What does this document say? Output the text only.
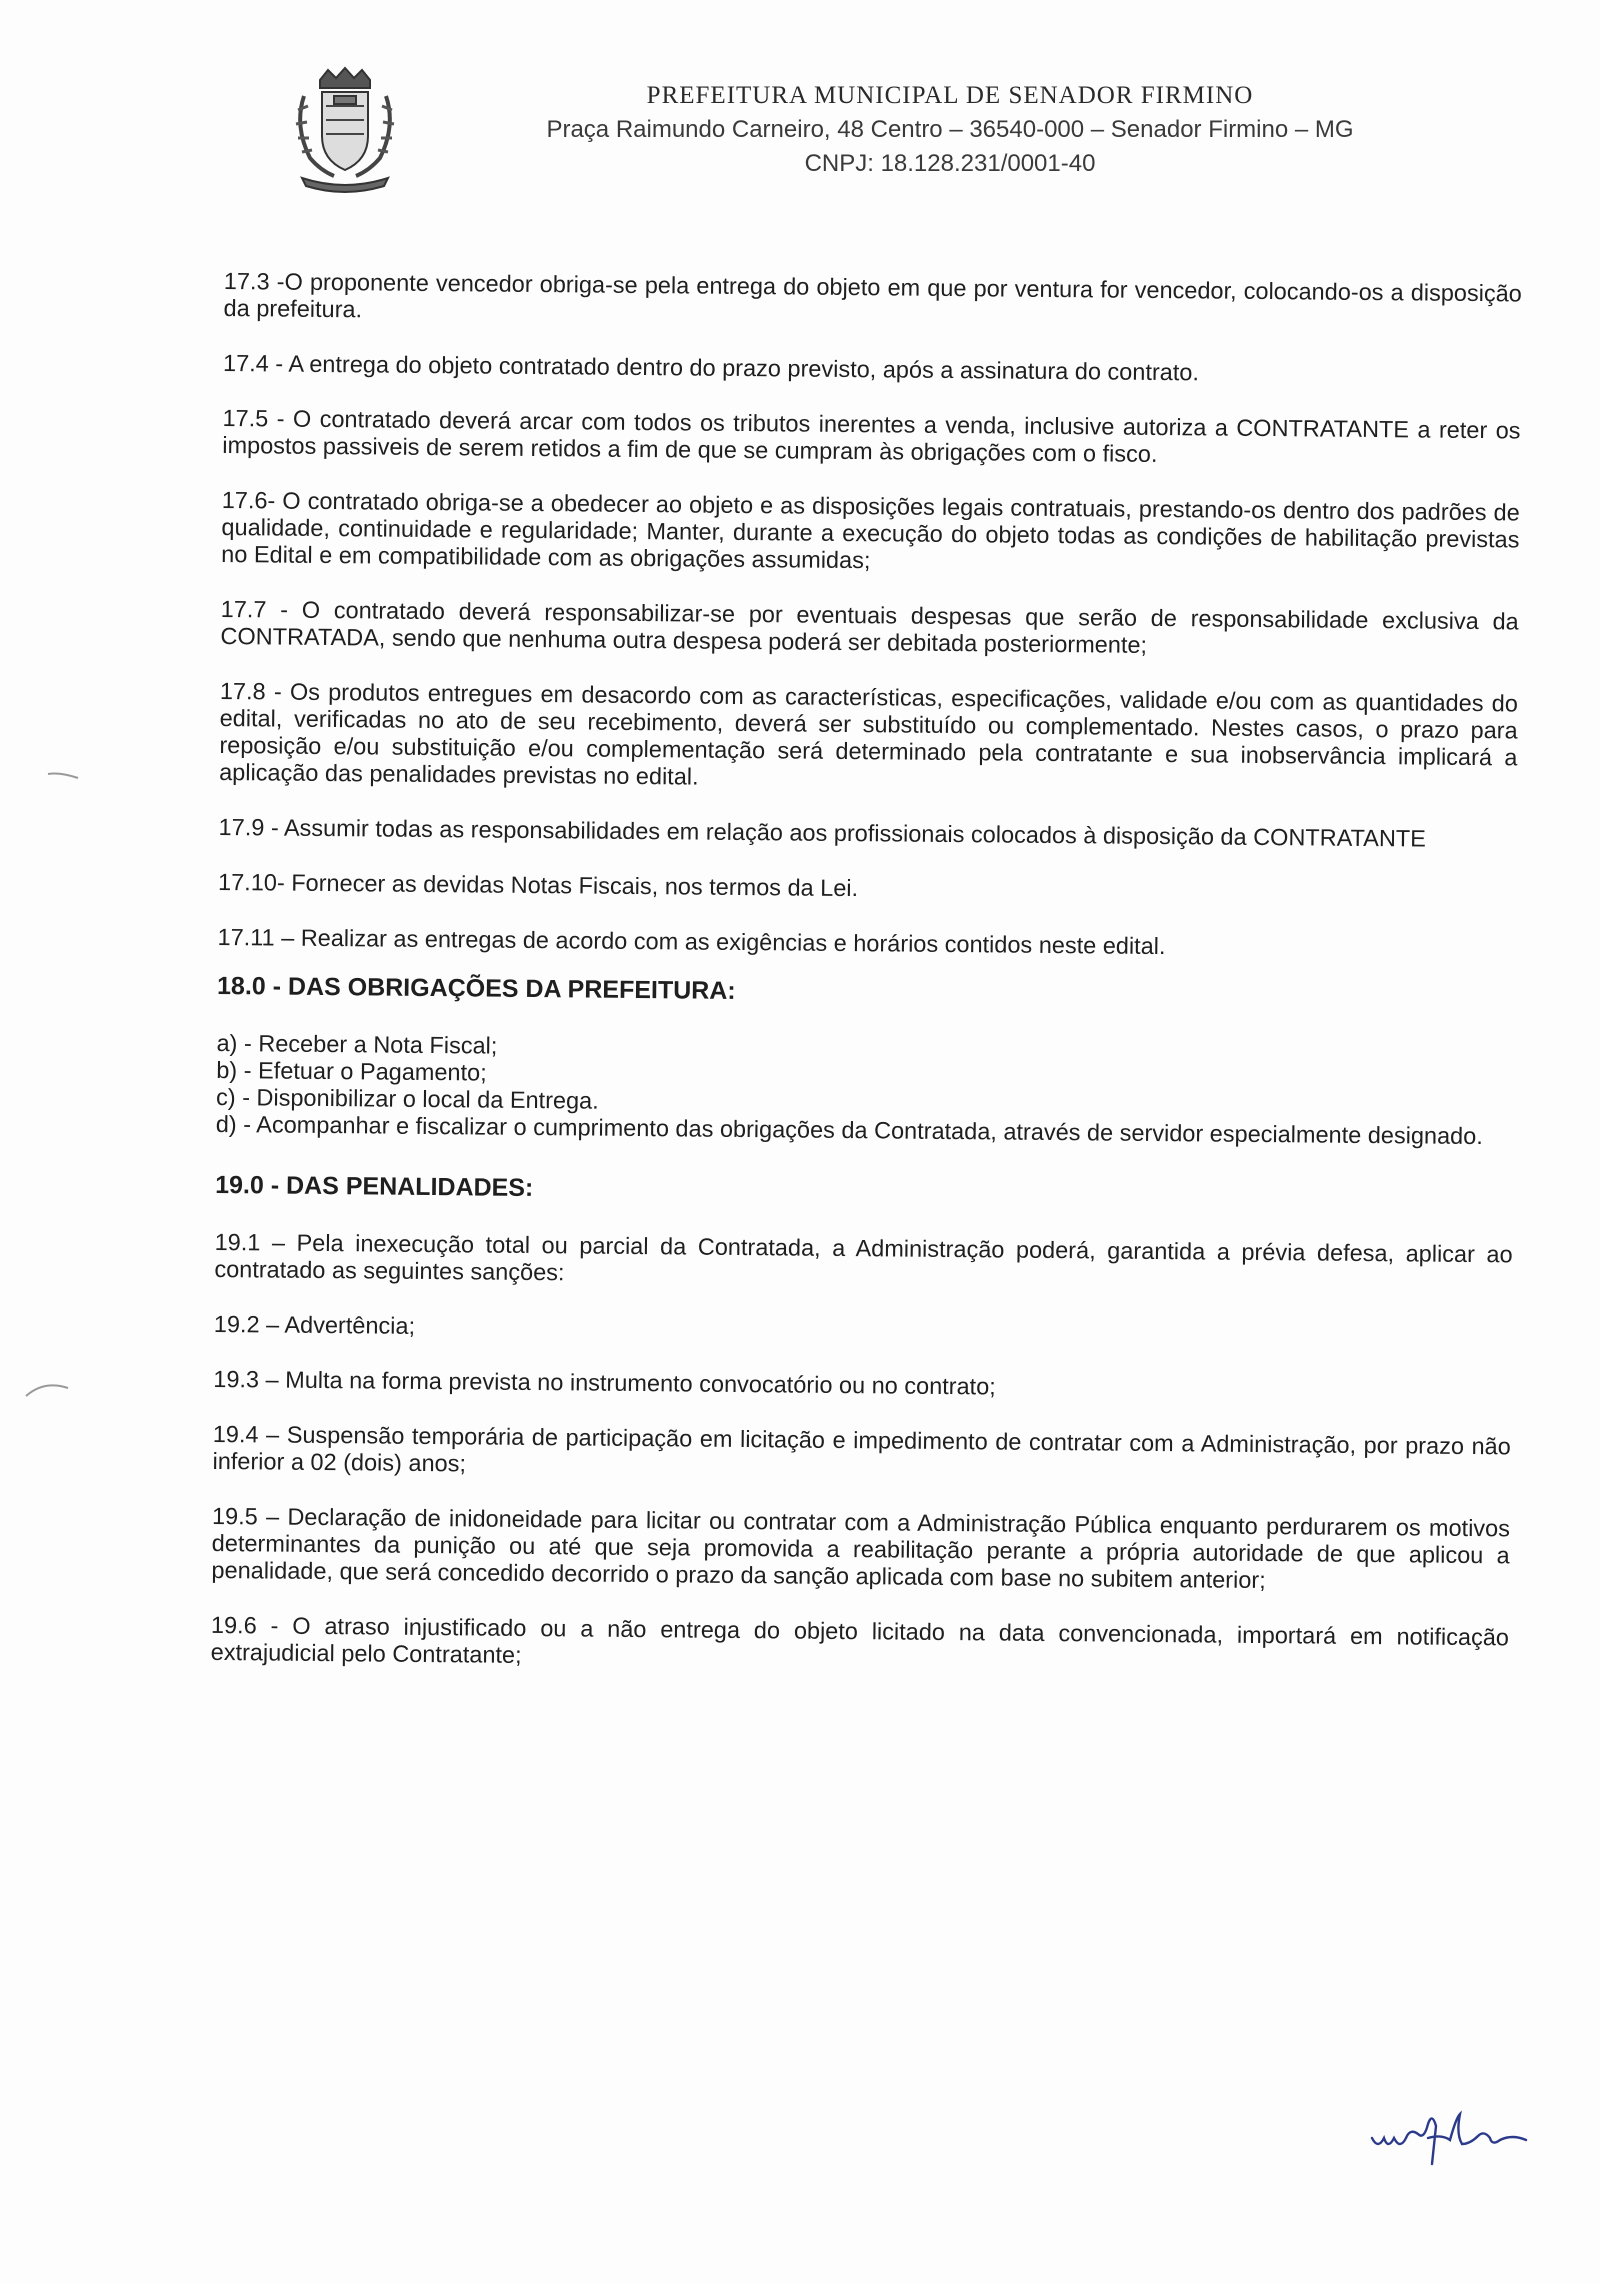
PREFEITURA MUNICIPAL DE SENADOR FIRMINO
Praça Raimundo Carneiro, 48 Centro – 36540-000 – Senador Firmino – MG
CNPJ: 18.128.231/0001-40

17.3 -O proponente vencedor obriga-se pela entrega do objeto em que por ventura for vencedor, colocando-os a disposição da prefeitura.

17.4 - A entrega do objeto contratado dentro do prazo previsto, após a assinatura do contrato.

17.5 - O contratado deverá arcar com todos os tributos inerentes a venda, inclusive autoriza a CONTRATANTE a reter os impostos passiveis de serem retidos a fim de que se cumpram às obrigações com o fisco.

17.6- O contratado obriga-se a obedecer ao objeto e as disposições legais contratuais, prestando-os dentro dos padrões de qualidade, continuidade e regularidade; Manter, durante a execução do objeto todas as condições de habilitação previstas no Edital e em compatibilidade com as obrigações assumidas;

17.7 - O contratado deverá responsabilizar-se por eventuais despesas que serão de responsabilidade exclusiva da CONTRATADA, sendo que nenhuma outra despesa poderá ser debitada posteriormente;

17.8 - Os produtos entregues em desacordo com as características, especificações, validade e/ou com as quantidades do edital, verificadas no ato de seu recebimento, deverá ser substituído ou complementado. Nestes casos, o prazo para reposição e/ou substituição e/ou complementação será determinado pela contratante e sua inobservância implicará a aplicação das penalidades previstas no edital.

17.9 - Assumir todas as responsabilidades em relação aos profissionais colocados à disposição da CONTRATANTE

17.10- Fornecer as devidas Notas Fiscais, nos termos da Lei.

17.11 – Realizar as entregas de acordo com as exigências e horários contidos neste edital.

18.0 - DAS OBRIGAÇÕES DA PREFEITURA:
a) - Receber a Nota Fiscal;
b) - Efetuar o Pagamento;
c) - Disponibilizar o local da Entrega.
d) - Acompanhar e fiscalizar o cumprimento das obrigações da Contratada, através de servidor especialmente designado.
19.0 - DAS PENALIDADES:

19.1 – Pela inexecução total ou parcial da Contratada, a Administração poderá, garantida a prévia defesa, aplicar ao contratado as seguintes sanções:

19.2 – Advertência;

19.3 – Multa na forma prevista no instrumento convocatório ou no contrato;

19.4 – Suspensão temporária de participação em licitação e impedimento de contratar com a Administração, por prazo não inferior a 02 (dois) anos;

19.5 – Declaração de inidoneidade para licitar ou contratar com a Administração Pública enquanto perdurarem os motivos determinantes da punição ou até que seja promovida a reabilitação perante a própria autoridade de que aplicou a penalidade, que será concedido decorrido o prazo da sanção aplicada com base no subitem anterior;

19.6 - O atraso injustificado ou a não entrega do objeto licitado na data convencionada, importará em notificação extrajudicial pelo Contratante;
